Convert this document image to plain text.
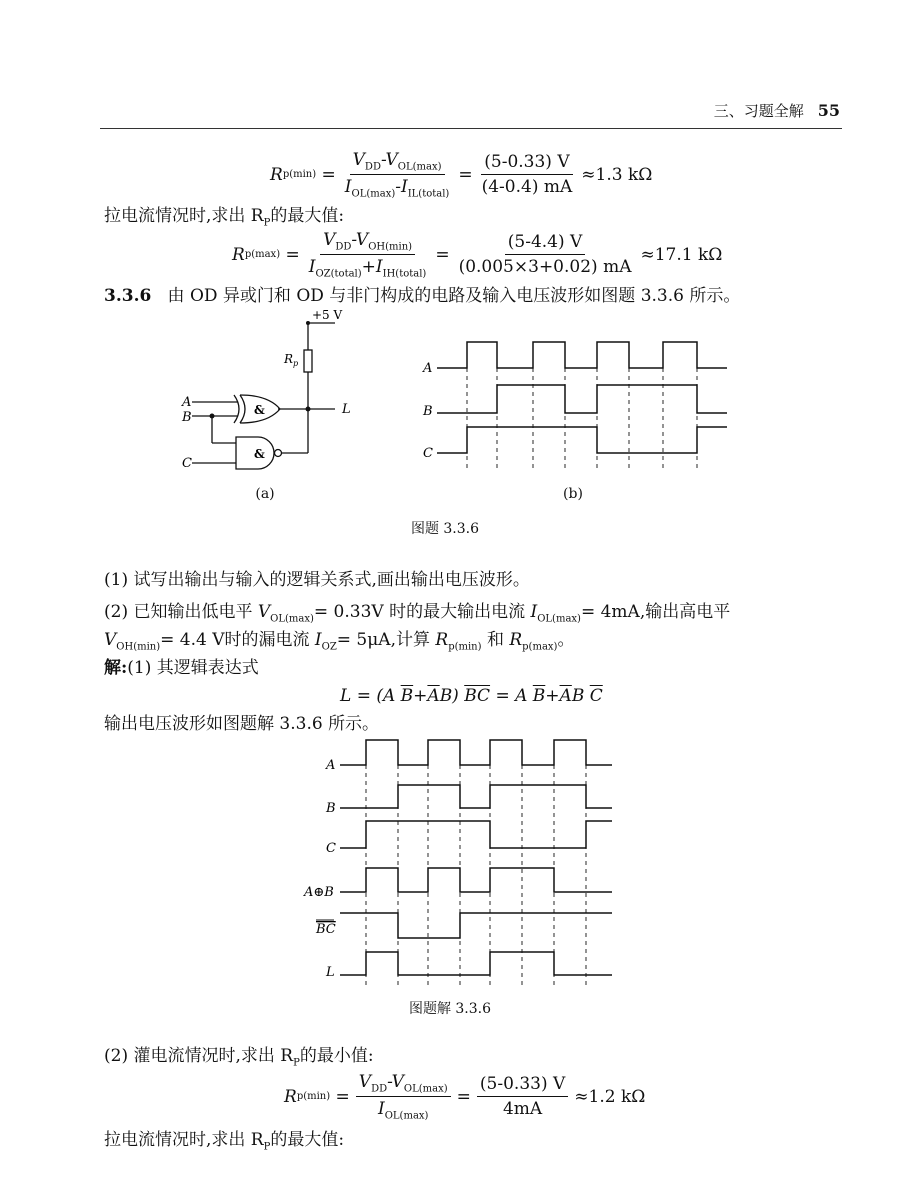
三、习题全解 55
R $p(\min) = \frac{V_{DD}-V_{OL(max)}}{I_{OL(max)}-I_{IL(total)}} = \frac{(5-0.33) V}{(4-0.4) mA} \approx 1.3$ kΩ
拉电流情况时,求出 $R_P$的最大值:
R $p(\max) = \frac{V_{DD}-V_{OH(min)}}{I_{OZ(total)}+I_{IH(total)}} = \frac{(5-4.4) V}{(0.005\times 3+0.02) mA} \approx 17.1$ kΩ
3.3.6 由 OD 异或门和 OD 与非门构成的电路及输入电压波形如图题 3.3.6 所示。
+5 V
$R_p$
L
A
B
C
&
&
(a)
A
B
C
(b)
图题 3.3.6
(1) 试写出输出与输入的逻辑关系式,画出输出电压波形。
(2) 已知输出低电平 $V_{OL(max)}= 0.33V$ 时的最大输出电流 $I_{OL(max)}= 4mA$,输出高电平
$V_{OH(min)}= 4.4$ V时的漏电流 $I_{OZ}= 5\mu A$,计算 $R_{p(min)}$ 和 $R_{p(max)}$。
解:(1) 其逻辑表达式
L = (A $\overline{B}+\overline{A}B$) $\overline{BC} = A$ $\overline{B}+\overline{A}B$ $\overline{C}$
输出电压波形如图题解 3.3.6 所示。
A
B
C
A⊕B
BC
L
图题解 3.3.6
(2) 灌电流情况时,求出 $R_P$的最小值:
R $p(\min) = \frac{V_{DD}-V_{OL(max)}}{I_{OL(max)}} = \frac{(5-0.33) V}{4mA} \approx 1.2$ kΩ
拉电流情况时,求出 $R_P$的最大值:
